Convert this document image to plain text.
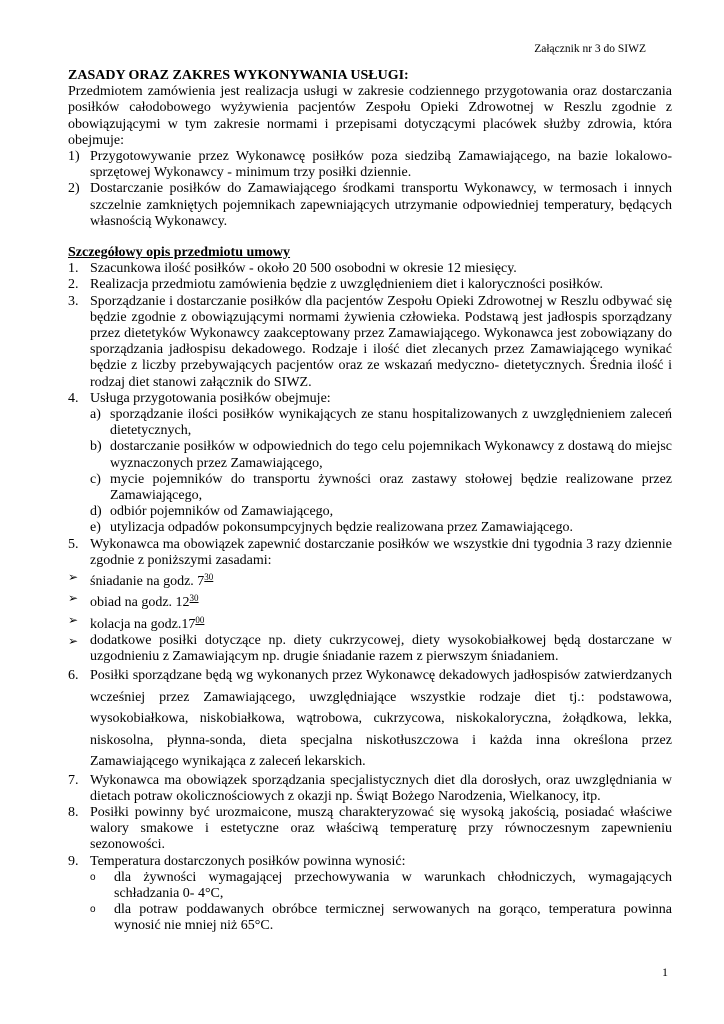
Załącznik nr 3 do SIWZ

ZASADY ORAZ ZAKRES WYKONYWANIA USŁUGI:

Przedmiotem zamówienia jest realizacja usługi w zakresie codziennego przygotowania oraz dostarczania posiłków całodobowego wyżywienia pacjentów Zespołu Opieki Zdrowotnej w Reszlu zgodnie z obowiązującymi w tym zakresie normami i przepisami dotyczącymi placówek służby zdrowia, która obejmuje:

1) Przygotowywanie przez Wykonawcę posiłków poza siedzibą Zamawiającego, na bazie lokalowo-sprzętowej Wykonawcy - minimum trzy posiłki dziennie.
2) Dostarczanie posiłków do Zamawiającego środkami transportu Wykonawcy, w termosach i innych szczelnie zamkniętych pojemnikach zapewniających utrzymanie odpowiedniej temperatury, będących własnością Wykonawcy.

Szczegółowy opis przedmiotu umowy

1. Szacunkowa ilość posiłków - około 20 500 osobodni w okresie 12 miesięcy.
2. Realizacja przedmiotu zamówienia będzie z uwzględnieniem diet i kaloryczności posiłków.
3. Sporządzanie i dostarczanie posiłków dla pacjentów Zespołu Opieki Zdrowotnej w Reszlu odbywać się będzie zgodnie z obowiązującymi normami żywienia człowieka. Podstawą jest jadłospis sporządzany przez dietetyków Wykonawcy zaakceptowany przez Zamawiającego. Wykonawca jest zobowiązany do sporządzania jadłospisu dekadowego. Rodzaje i ilość diet zlecanych przez Zamawiającego wynikać będzie z liczby przebywających pacjentów oraz ze wskazań medyczno- dietetycznych. Średnia ilość i rodzaj diet stanowi załącznik do SIWZ.
4. Usługa przygotowania posiłków obejmuje:
a) sporządzanie ilości posiłków wynikających ze stanu hospitalizowanych z uwzględnieniem zaleceń dietetycznych,
b) dostarczanie posiłków w odpowiednich do tego celu pojemnikach Wykonawcy z dostawą do miejsc wyznaczonych przez Zamawiającego,
c) mycie pojemników do transportu żywności oraz zastawy stołowej będzie realizowane przez Zamawiającego,
d) odbiór pojemników od Zamawiającego,
e) utylizacja odpadów pokonsumpcyjnych będzie realizowana przez Zamawiającego.
5. Wykonawca ma obowiązek zapewnić dostarczanie posiłków we wszystkie dni tygodnia 3 razy dziennie zgodnie z poniższymi zasadami:
➢ śniadanie na godz. $7^{30}$
➢ obiad na godz. $12^{30}$
➢ kolacja na $godz.17^{00}$
➢ dodatkowe posiłki dotyczące np. diety cukrzycowej, diety wysokobiałkowej będą dostarczane w uzgodnieniu z Zamawiającym np. drugie śniadanie razem z pierwszym śniadaniem.
6. Posiłki sporządzane będą wg wykonanych przez Wykonawcę dekadowych jadłospisów zatwierdzanych wcześniej przez Zamawiającego, uwzględniające wszystkie rodzaje diet tj.: podstawowa, wysokobiałkowa, niskobiałkowa, wątrobowa, cukrzycowa, niskokaloryczna, żołądkowa, lekka, niskosolna, płynna-sonda, dieta specjalna niskotłuszczowa i każda inna określona przez Zamawiającego wynikająca z zaleceń lekarskich.
7. Wykonawca ma obowiązek sporządzania specjalistycznych diet dla dorosłych, oraz uwzględniania w dietach potraw okolicznościowych z okazji np. Świąt Bożego Narodzenia, Wielkanocy, itp.
8. Posiłki powinny być urozmaicone, muszą charakteryzować się wysoką jakością, posiadać właściwe walory smakowe i estetyczne oraz właściwą temperaturę przy równoczesnym zapewnieniu sezonowości.
9. Temperatura dostarczonych posiłków powinna wynosić:
o dla żywności wymagającej przechowywania w warunkach chłodniczych, wymagających schładzania 0- 4°C,
o dla potraw poddawanych obróbce termicznej serwowanych na gorąco, temperatura powinna wynosić nie mniej niż 65°C.
1
